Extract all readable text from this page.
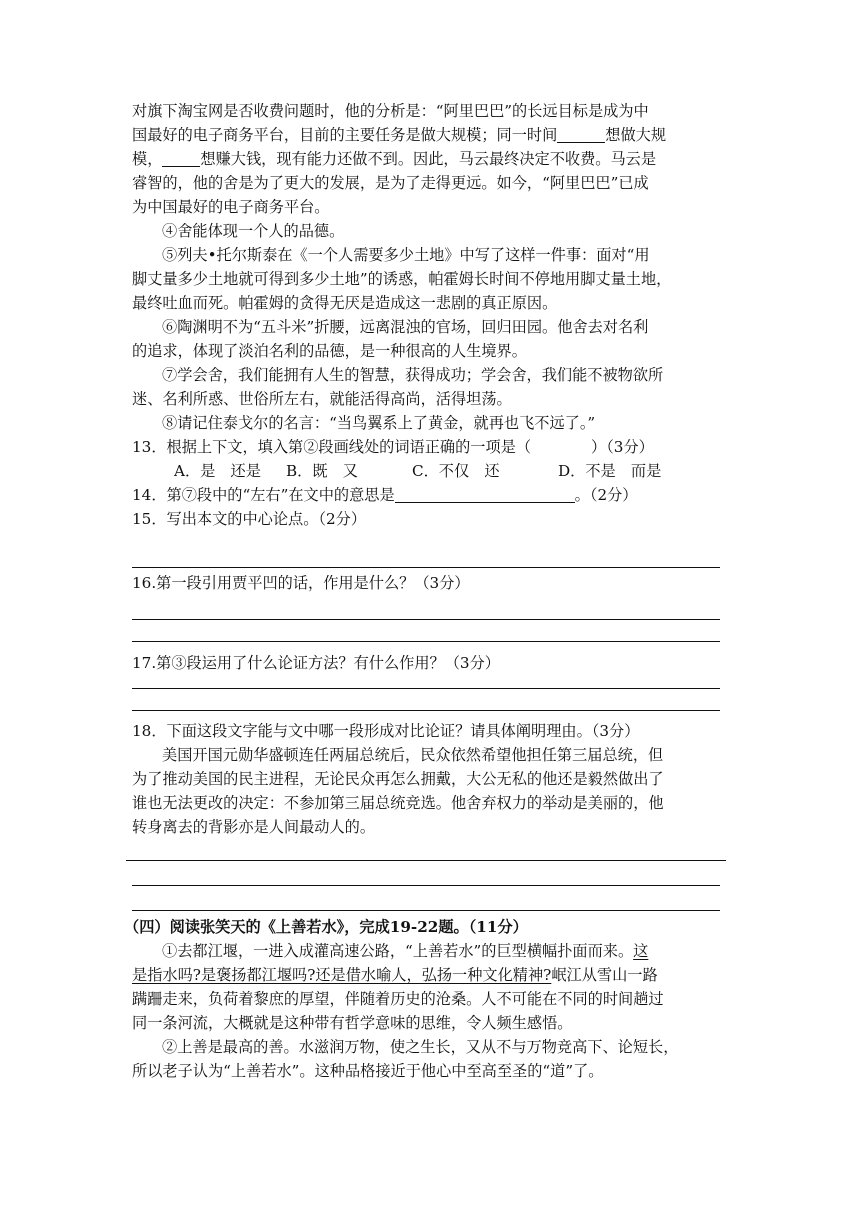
对旗下淘宝网是否收费问题时，他的分析是：“阿里巴巴”的长远目标是成为中
国最好的电子商务平台，目前的主要任务是做大规模；同一时间	想做大规
模，	想赚大钱，现有能力还做不到。因此，马云最终决定不收费。马云是
睿智的，他的舍是为了更大的发展，是为了走得更远。如今，“阿里巴巴”已成
为中国最好的电子商务平台。
④舍能体现一个人的品德。
⑤列夫•托尔斯泰在《一个人需要多少土地》中写了这样一件事：面对“用
脚丈量多少土地就可得到多少土地”的诱惑，帕霍姆长时间不停地用脚丈量土地，
最终吐血而死。帕霍姆的贪得无厌是造成这一悲剧的真正原因。
⑥陶渊明不为“五斗米”折腰，远离混浊的官场，回归田园。他舍去对名利
的追求，体现了淡泊名利的品德，是一种很高的人生境界。
⑦学会舍，我们能拥有人生的智慧，获得成功；学会舍，我们能不被物欲所
迷、名利所惑、世俗所左右，就能活得高尚，活得坦荡。
⑧请记住泰戈尔的名言：“当鸟翼系上了黄金，就再也飞不远了。”
13．根据上下文，填入第②段画线处的词语正确的一项是（	）（3分）
A．是　还是 B．既　又	C．不仅　还	D．不是　而是
14．第⑦段中的“左右”在文中的意思是	。（2分）
15．写出本文的中心论点。（2分）
16.第一段引用贾平凹的话，作用是什么？（3分）
17.第③段运用了什么论证方法？有什么作用？（3分）
18．下面这段文字能与文中哪一段形成对比论证？请具体阐明理由。（3分）
美国开国元勋华盛顿连任两届总统后，民众依然希望他担任第三届总统，但
为了推动美国的民主进程，无论民众再怎么拥戴，大公无私的他还是毅然做出了
谁也无法更改的决定：不参加第三届总统竞选。他舍弃权力的举动是美丽的，他
转身离去的背影亦是人间最动人的。
（四）阅读张笑天的《上善若水》，完成19-22题。（11分）
①去都江堰，一进入成灌高速公路，“上善若水”的巨型横幅扑面而来。这
是指水吗?是褒扬都江堰吗?还是借水喻人，弘扬一种文化精神?岷江从雪山一路
蹒跚走来，负荷着黎庶的厚望，伴随着历史的沧桑。人不可能在不同的时间趟过
同一条河流，大概就是这种带有哲学意味的思维，令人频生感悟。
②上善是最高的善。水滋润万物，使之生长，又从不与万物竞高下、论短长，
所以老子认为“上善若水”。这种品格接近于他心中至高至圣的“道”了。
